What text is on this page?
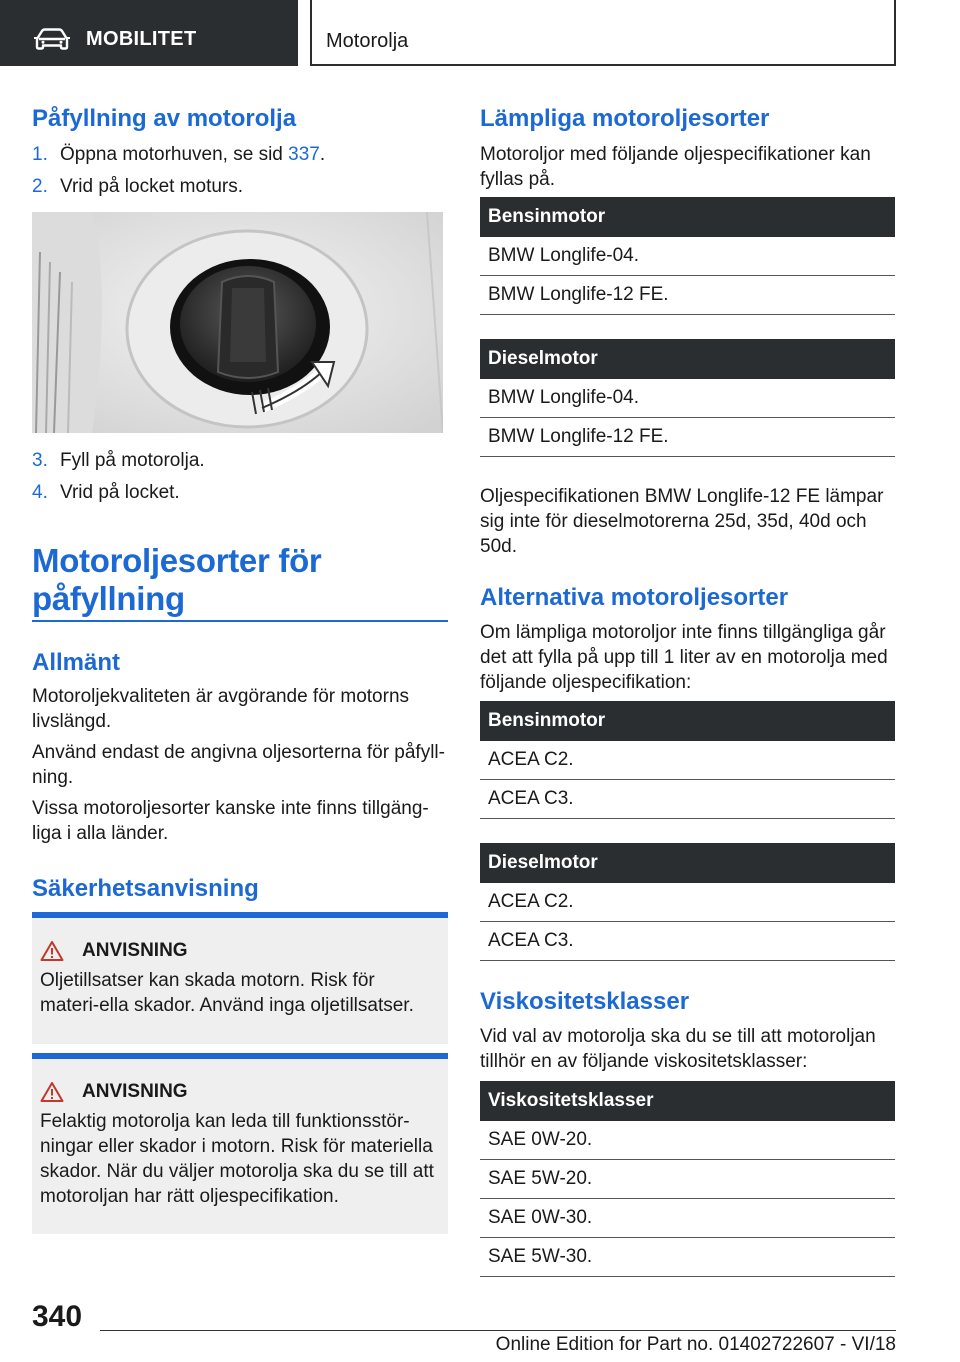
MOBILITET	Motorolja
Påfyllning av motorolja
1. Öppna motorhuven, se sid 337.
2. Vrid på locket moturs.
3. Fyll på motorolja.
4. Vrid på locket.
Motoroljesorter för
påfyllning
Allmänt

Motoroljekvaliteten är avgörande för motorns livslängd.

Använd endast de angivna oljesorterna för påfyll-ning.

Vissa motoroljesorter kanske inte finns tillgäng-liga i alla länder.

Säkerhetsanvisning
ANVISNING
Oljetillsatser kan skada motorn. Risk för materi-ella skador. Använd inga oljetillsatser.
ANVISNING
Felaktig motorolja kan leda till funktionsstör-ningar eller skador i motorn. Risk för materiella skador. När du väljer motorolja ska du se till att motoroljan har rätt oljespecifikation.
Lämpliga motoroljesorter

Motoroljor med följande oljespecifikationer kan fyllas på.

Bensinmotor
BMW Longlife-04.
BMW Longlife-12 FE.
Dieselmotor
BMW Longlife-04.
BMW Longlife-12 FE.

Oljespecifikationen BMW Longlife-12 FE lämpar sig inte för dieselmotorerna 25d, 35d, 40d och 50d.

Alternativa motoroljesorter

Om lämpliga motoroljor inte finns tillgängliga går det att fylla på upp till 1 liter av en motorolja med följande oljespecifikation:

Bensinmotor
ACEA C2.
ACEA C3.
Dieselmotor
ACEA C2.
ACEA C3.
Viskositetsklasser

Vid val av motorolja ska du se till att motoroljan tillhör en av följande viskositetsklasser:

Viskositetsklasser
SAE 0W-20.
SAE 5W-20.
SAE 0W-30.
SAE 5W-30.
340
Online Edition for Part no. 01402722607 - VI/18
